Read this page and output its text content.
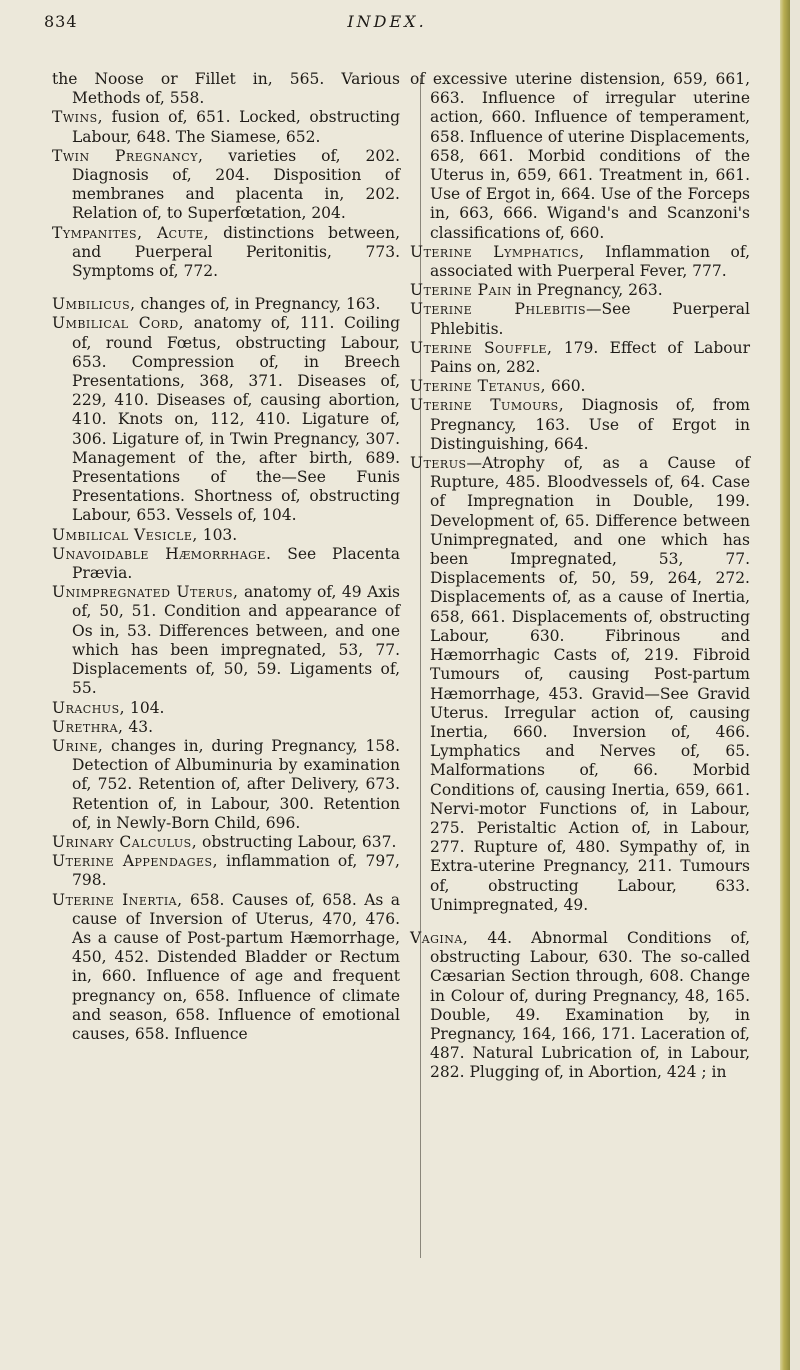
834	INDEX.

the Noose or Fillet in, 565. Various Methods of, 558.

Twins, fusion of, 651. Locked, obstructing Labour, 648. The Siamese, 652.

Twin Pregnancy, varieties of, 202. Diagnosis of, 204. Disposition of membranes and placenta in, 202. Relation of, to Superfœtation, 204.

Tympanites, Acute, distinctions between, and Puerperal Peritonitis, 773. Symptoms of, 772.

Umbilicus, changes of, in Pregnancy, 163.

Umbilical Cord, anatomy of, 111. Coiling of, round Fœtus, obstructing Labour, 653. Compression of, in Breech Presentations, 368, 371. Diseases of, 229, 410. Diseases of, causing abortion, 410. Knots on, 112, 410. Ligature of, 306. Ligature of, in Twin Pregnancy, 307. Management of the, after birth, 689. Presentations of the—See Funis Presentations. Shortness of, obstructing Labour, 653. Vessels of, 104.

Umbilical Vesicle, 103.

Unavoidable Hæmorrhage. See Placenta Prævia.

Unimpregnated Uterus, anatomy of, 49 Axis of, 50, 51. Condition and appearance of Os in, 53. Differences between, and one which has been impregnated, 53, 77. Displacements of, 50, 59. Ligaments of, 55.

Urachus, 104.

Urethra, 43.

Urine, changes in, during Pregnancy, 158. Detection of Albuminuria by examination of, 752. Retention of, after Delivery, 673. Retention of, in Labour, 300. Retention of, in Newly-Born Child, 696.

Urinary Calculus, obstructing Labour, 637.

Uterine Appendages, inflammation of, 797, 798.

Uterine Inertia, 658. Causes of, 658. As a cause of Inversion of Uterus, 470, 476. As a cause of Post-partum Hæmorrhage, 450, 452. Distended Bladder or Rectum in, 660. Influence of age and frequent pregnancy on, 658. Influence of climate and season, 658. Influence of emotional causes, 658. Influence

of excessive uterine distension, 659, 661, 663. Influence of irregular uterine action, 660. Influence of temperament, 658. Influence of uterine Displacements, 658, 661. Morbid conditions of the Uterus in, 659, 661. Treatment in, 661. Use of Ergot in, 664. Use of the Forceps in, 663, 666. Wigand's and Scanzoni's classifications of, 660.

Uterine Lymphatics, Inflammation of, associated with Puerperal Fever, 777.

Uterine Pain in Pregnancy, 263.

Uterine Phlebitis—See Puerperal Phlebitis.

Uterine Souffle, 179. Effect of Labour Pains on, 282.

Uterine Tetanus, 660.

Uterine Tumours, Diagnosis of, from Pregnancy, 163. Use of Ergot in Distinguishing, 664.

Uterus—Atrophy of, as a Cause of Rupture, 485. Bloodvessels of, 64. Case of Impregnation in Double, 199. Development of, 65. Difference between Unimpregnated, and one which has been Impregnated, 53, 77. Displacements of, 50, 59, 264, 272. Displacements of, as a cause of Inertia, 658, 661. Displacements of, obstructing Labour, 630. Fibrinous and Hæmorrhagic Casts of, 219. Fibroid Tumours of, causing Post-partum Hæmorrhage, 453. Gravid—See Gravid Uterus. Irregular action of, causing Inertia, 660. Inversion of, 466. Lymphatics and Nerves of, 65. Malformations of, 66. Morbid Conditions of, causing Inertia, 659, 661. Nervi-motor Functions of, in Labour, 275. Peristaltic Action of, in Labour, 277. Rupture of, 480. Sympathy of, in Extra-uterine Pregnancy, 211. Tumours of, obstructing Labour, 633. Unimpregnated, 49.

Vagina, 44. Abnormal Conditions of, obstructing Labour, 630. The so-called Cæsarian Section through, 608. Change in Colour of, during Pregnancy, 48, 165. Double, 49. Examination by, in Pregnancy, 164, 166, 171. Laceration of, 487. Natural Lubrication of, in Labour, 282. Plugging of, in Abortion, 424 ; in
